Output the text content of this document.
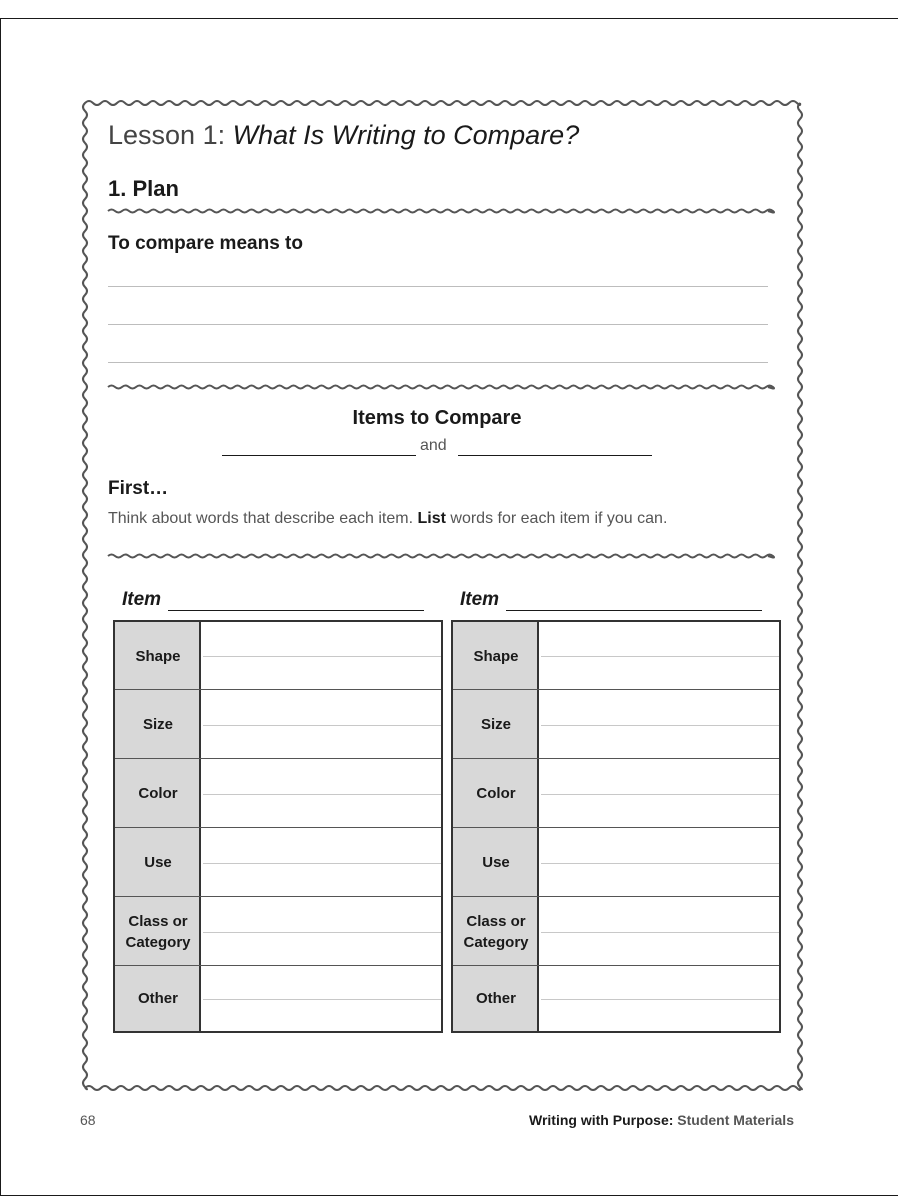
Lesson 1: What Is Writing to Compare?
1. Plan
To compare means to
Items to Compare
and
First…
Think about words that describe each item. List words for each item if you can.
Item
Shape
Size
Color
Use
Class or Category
Other
Item
Shape
Size
Color
Use
Class or Category
Other
68	Writing with Purpose: Student Materials
